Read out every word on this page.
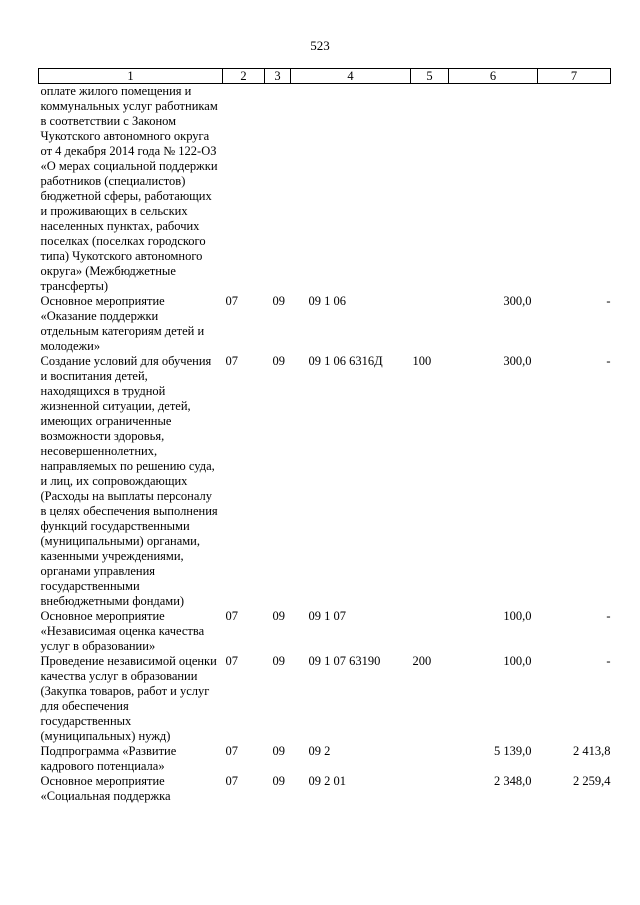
523
1	2	3	4	5	6	7
оплате жилого помещения и коммунальных услуг работникам в соответствии с Законом Чукотского автономного округа от 4 декабря 2014 года № 122-ОЗ «О мерах социальной поддержки работников (специалистов) бюджетной сферы, работающих и проживающих в сельских населенных пунктах, рабочих поселках (поселках городского типа) Чукотского автономного округа» (Межбюджетные трансферты)						
Основное мероприятие «Оказание поддержки отдельным категориям детей и молодежи»	07	09	09 1 06		300,0	-
Создание условий для обучения и воспитания детей, находящихся в трудной жизненной ситуации, детей, имеющих ограниченные возможности здоровья, несовершеннолетних, направляемых по решению суда, и лиц, их сопровождающих (Расходы на выплаты персоналу в целях обеспечения выполнения функций государственными (муниципальными) органами, казенными учреждениями, органами управления государственными внебюджетными фондами)	07	09	09 1 06 6316Д	100	300,0	-
Основное мероприятие «Независимая оценка качества услуг в образовании»	07	09	09 1 07		100,0	-
Проведение независимой оценки качества услуг в образовании (Закупка товаров, работ и услуг для обеспечения государственных (муниципальных) нужд)	07	09	09 1 07 63190	200	100,0	-
Подпрограмма «Развитие кадрового потенциала»	07	09	09 2		5 139,0	2 413,8
Основное мероприятие «Социальная поддержка	07	09	09 2 01		2 348,0	2 259,4
